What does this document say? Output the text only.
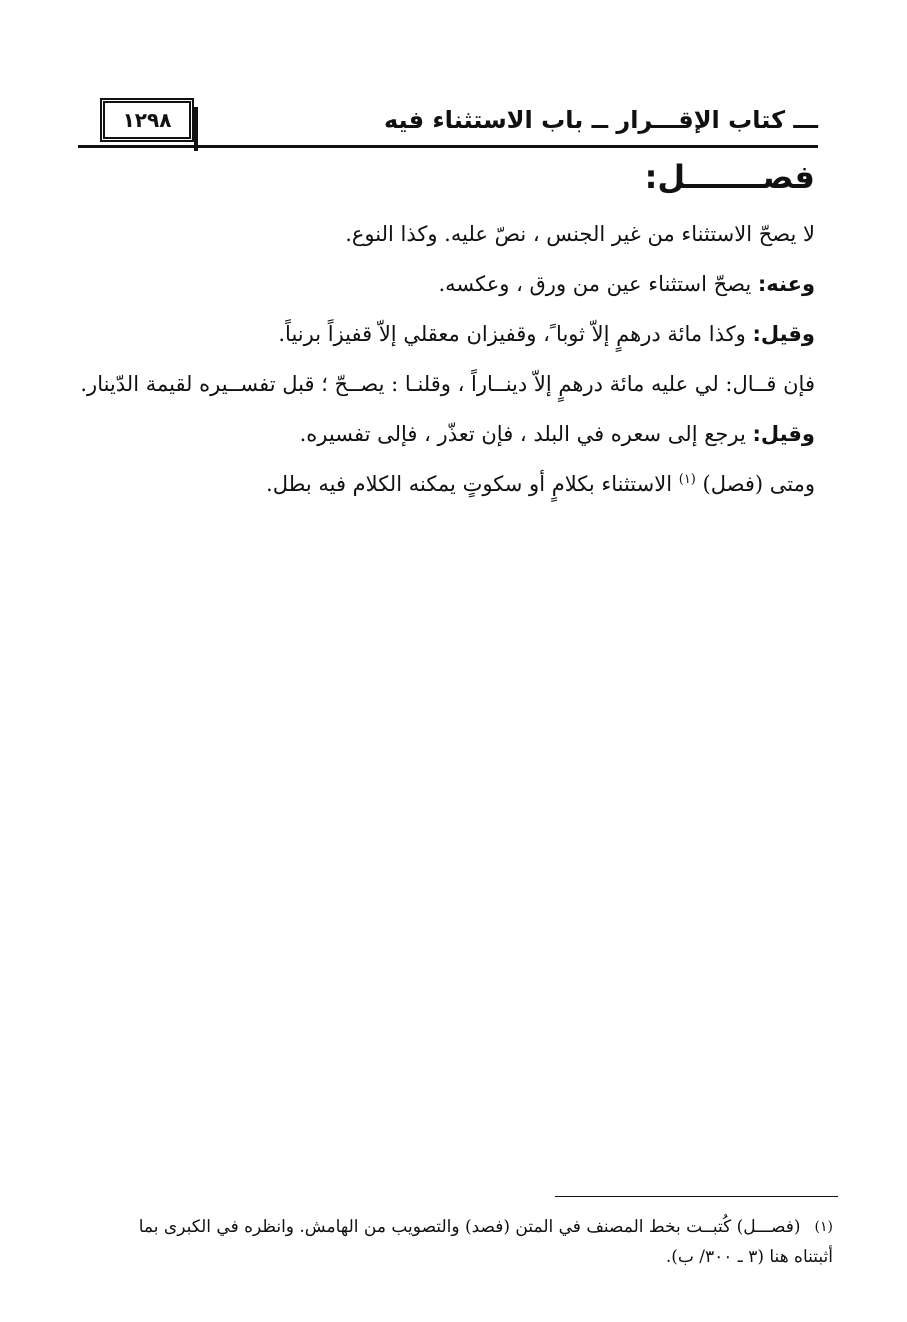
١٢٩٨	ـــ كتاب الإقـــرار ــ باب الاستثناء فيه
فصـــــــل:

لا يصحّ الاستثناء من غير الجنس ، نصّ عليه. وكذا النوع.

وعنه: يصحّ استثناء عين من ورق ، وعكسه.

وقيل: وكذا مائة درهمٍ إلاّ ثوبا ً، وقفيزان معقلي إلاّ قفيزاً برنياً.

فإن قــال: لي عليه مائة درهمٍ إلاّ دينــاراً ، وقلنـا : يصــحّ ؛ قبل تفســيره لقيمة الدّينار.

وقيل: يرجع إلى سعره في البلد ، فإن تعذّر ، فإلى تفسيره.

ومتى (فصل) $^{(١)}$ الاستثناء بكلامٍ أو سكوتٍ يمكنه الكلام فيه بطل.

(١)(فصـــل) كُتبــت بخط المصنف في المتن (فصد) والتصويب من الهامش. وانظره في الكبرى بما

أثبتناه هنا (٣ ـ ٣٠٠/ ب).
